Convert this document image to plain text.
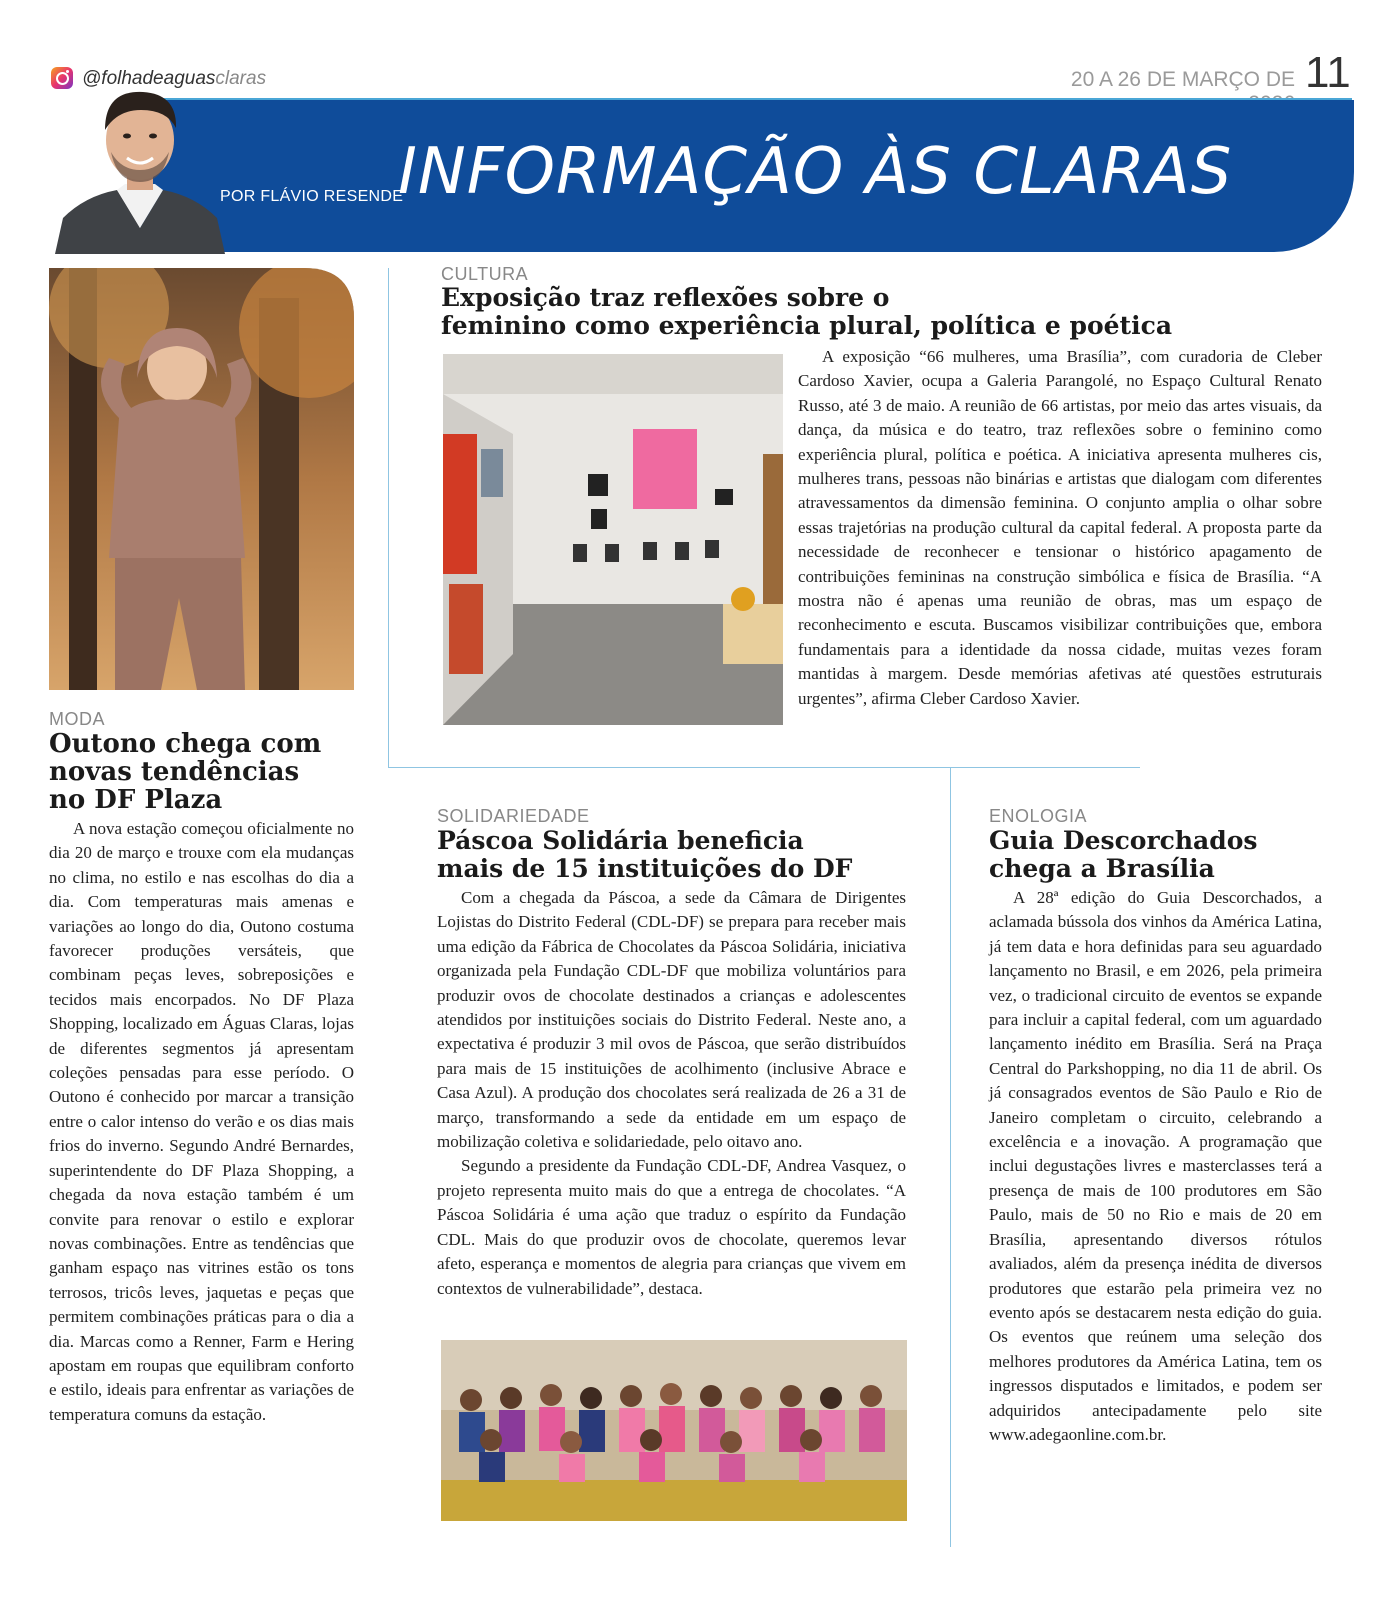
@folhadeaguasclaras	20 A 26 DE MARÇO DE 11
POR FLÁVIO RESENDE
INFORMAÇÃO ÀS CLARAS
MODA
Outono chega com
novas tendências
no DF Plaza

A nova estação começou oficialmente no dia 20 de março e trouxe com ela mudanças no clima, no estilo e nas escolhas do dia a dia. Com temperaturas mais amenas e variações ao longo do dia, Outono costuma favorecer produções versáteis, que combinam peças leves, sobreposições e tecidos mais encorpados. No DF Plaza Shopping, localizado em Águas Claras, lojas de diferentes segmentos já apresentam coleções pensadas para esse período. O Outono é conhecido por marcar a transição entre o calor intenso do verão e os dias mais frios do inverno. Segundo André Bernardes, superintendente do DF Plaza Shopping, a chegada da nova estação também é um convite para renovar o estilo e explorar novas combinações. Entre as tendências que ganham espaço nas vitrines estão os tons terrosos, tricôs leves, jaquetas e peças que permitem combinações práticas para o dia a dia. Marcas como a Renner, Farm e Hering apostam em roupas que equilibram conforto e estilo, ideais para enfrentar as variações de temperatura comuns da estação.

CULTURA
Exposição traz reflexões sobre o
feminino como experiência plural, política e poética

A exposição “66 mulheres, uma Brasília”, com curadoria de Cleber Cardoso Xavier, ocupa a Galeria Parangolé, no Espaço Cultural Renato Russo, até 3 de maio. A reunião de 66 artistas, por meio das artes visuais, da dança, da música e do teatro, traz reflexões sobre o feminino como experiência plural, política e poética. A iniciativa apresenta mulheres cis, mulheres trans, pessoas não binárias e artistas que dialogam com diferentes atravessamentos da dimensão feminina. O conjunto amplia o olhar sobre essas trajetórias na produção cultural da capital federal. A proposta parte da necessidade de reconhecer e tensionar o histórico apagamento de contribuições femininas na construção simbólica e física de Brasília. “A mostra não é apenas uma reunião de obras, mas um espaço de reconhecimento e escuta. Buscamos visibilizar contribuições que, embora fundamentais para a identidade da nossa cidade, muitas vezes foram mantidas à margem. Desde memórias afetivas até questões estruturais urgentes”, afirma Cleber Cardoso Xavier.

SOLIDARIEDADE
Páscoa Solidária beneficia
mais de 15 instituições do DF

Com a chegada da Páscoa, a sede da Câmara de Dirigentes Lojistas do Distrito Federal (CDL-DF) se prepara para receber mais uma edição da Fábrica de Chocolates da Páscoa Solidária, iniciativa organizada pela Fundação CDL-DF que mobiliza voluntários para produzir ovos de chocolate destinados a crianças e adolescentes atendidos por instituições sociais do Distrito Federal. Neste ano, a expectativa é produzir 3 mil ovos de Páscoa, que serão distribuídos para mais de 15 instituições de acolhimento (inclusive Abrace e Casa Azul). A produção dos chocolates será realizada de 26 a 31 de março, transformando a sede da entidade em um espaço de mobilização coletiva e solidariedade, pelo oitavo ano.

Segundo a presidente da Fundação CDL-DF, Andrea Vasquez, o projeto representa muito mais do que a entrega de chocolates. “A Páscoa Solidária é uma ação que traduz o espírito da Fundação CDL. Mais do que produzir ovos de chocolate, queremos levar afeto, esperança e momentos de alegria para crianças que vivem em contextos de vulnerabilidade”, destaca.

ENOLOGIA
Guia Descorchados
chega a Brasília

A 28ª edição do Guia Descorchados, a aclamada bússola dos vinhos da América Latina, já tem data e hora definidas para seu aguardado lançamento no Brasil, e em 2026, pela primeira vez, o tradicional circuito de eventos se expande para incluir a capital federal, com um aguardado lançamento inédito em Brasília. Será na Praça Central do Parkshopping, no dia 11 de abril. Os já consagrados eventos de São Paulo e Rio de Janeiro completam o circuito, celebrando a excelência e a inovação. A programação que inclui degustações livres e masterclasses terá a presença de mais de 100 produtores em São Paulo, mais de 50 no Rio e mais de 20 em Brasília, apresentando diversos rótulos avaliados, além da presença inédita de diversos produtores que estarão pela primeira vez no evento após se destacarem nesta edição do guia. Os eventos que reúnem uma seleção dos melhores produtores da América Latina, tem os ingressos disputados e limitados, e podem ser adquiridos antecipadamente pelo site www.adegaonline.com.br.
